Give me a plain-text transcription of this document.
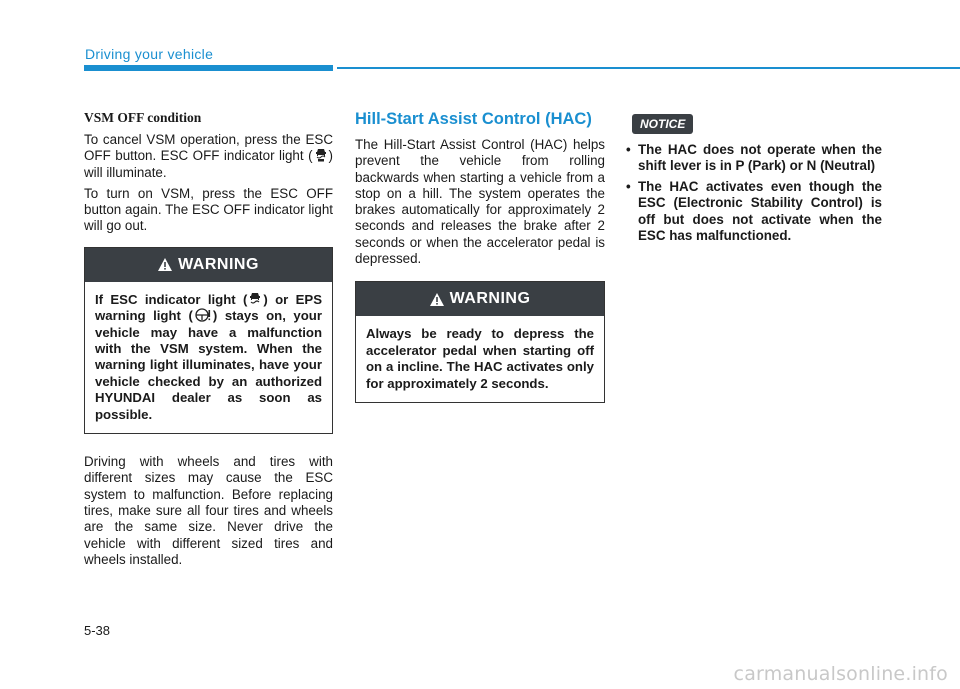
Driving your vehicle
VSM OFF condition

To cancel VSM operation, press the ESC OFF button. ESC OFF indicator light ( ) will illuminate.

To turn on VSM, press the ESC OFF button again. The ESC OFF indicator light will go out.

WARNING
If ESC indicator light ( ) or EPS warning light ( ) stays on, your vehicle may have a malfunction with the VSM system. When the warning light illuminates, have your vehicle checked by an authorized HYUNDAI dealer as soon as possible.

Driving with wheels and tires with different sizes may cause the ESC system to malfunction. Before replacing tires, make sure all four tires and wheels are the same size. Never drive the vehicle with different sized tires and wheels installed.

Hill-Start Assist Control (HAC)

The Hill-Start Assist Control (HAC) helps prevent the vehicle from rolling backwards when starting a vehicle from a stop on a hill. The system operates the brakes automatically for approximately 2 seconds and releases the brake after 2 seconds or when the accelerator pedal is depressed.

WARNING
Always be ready to depress the accelerator pedal when starting off on a incline. The HAC activates only for approximately 2 seconds.
NOTICE
• The HAC does not operate when the shift lever is in P (Park) or N (Neutral)
• The HAC activates even though the ESC (Electronic Stability Control) is off but does not activate when the ESC has malfunctioned.
5-38
carmanualsonline.info
